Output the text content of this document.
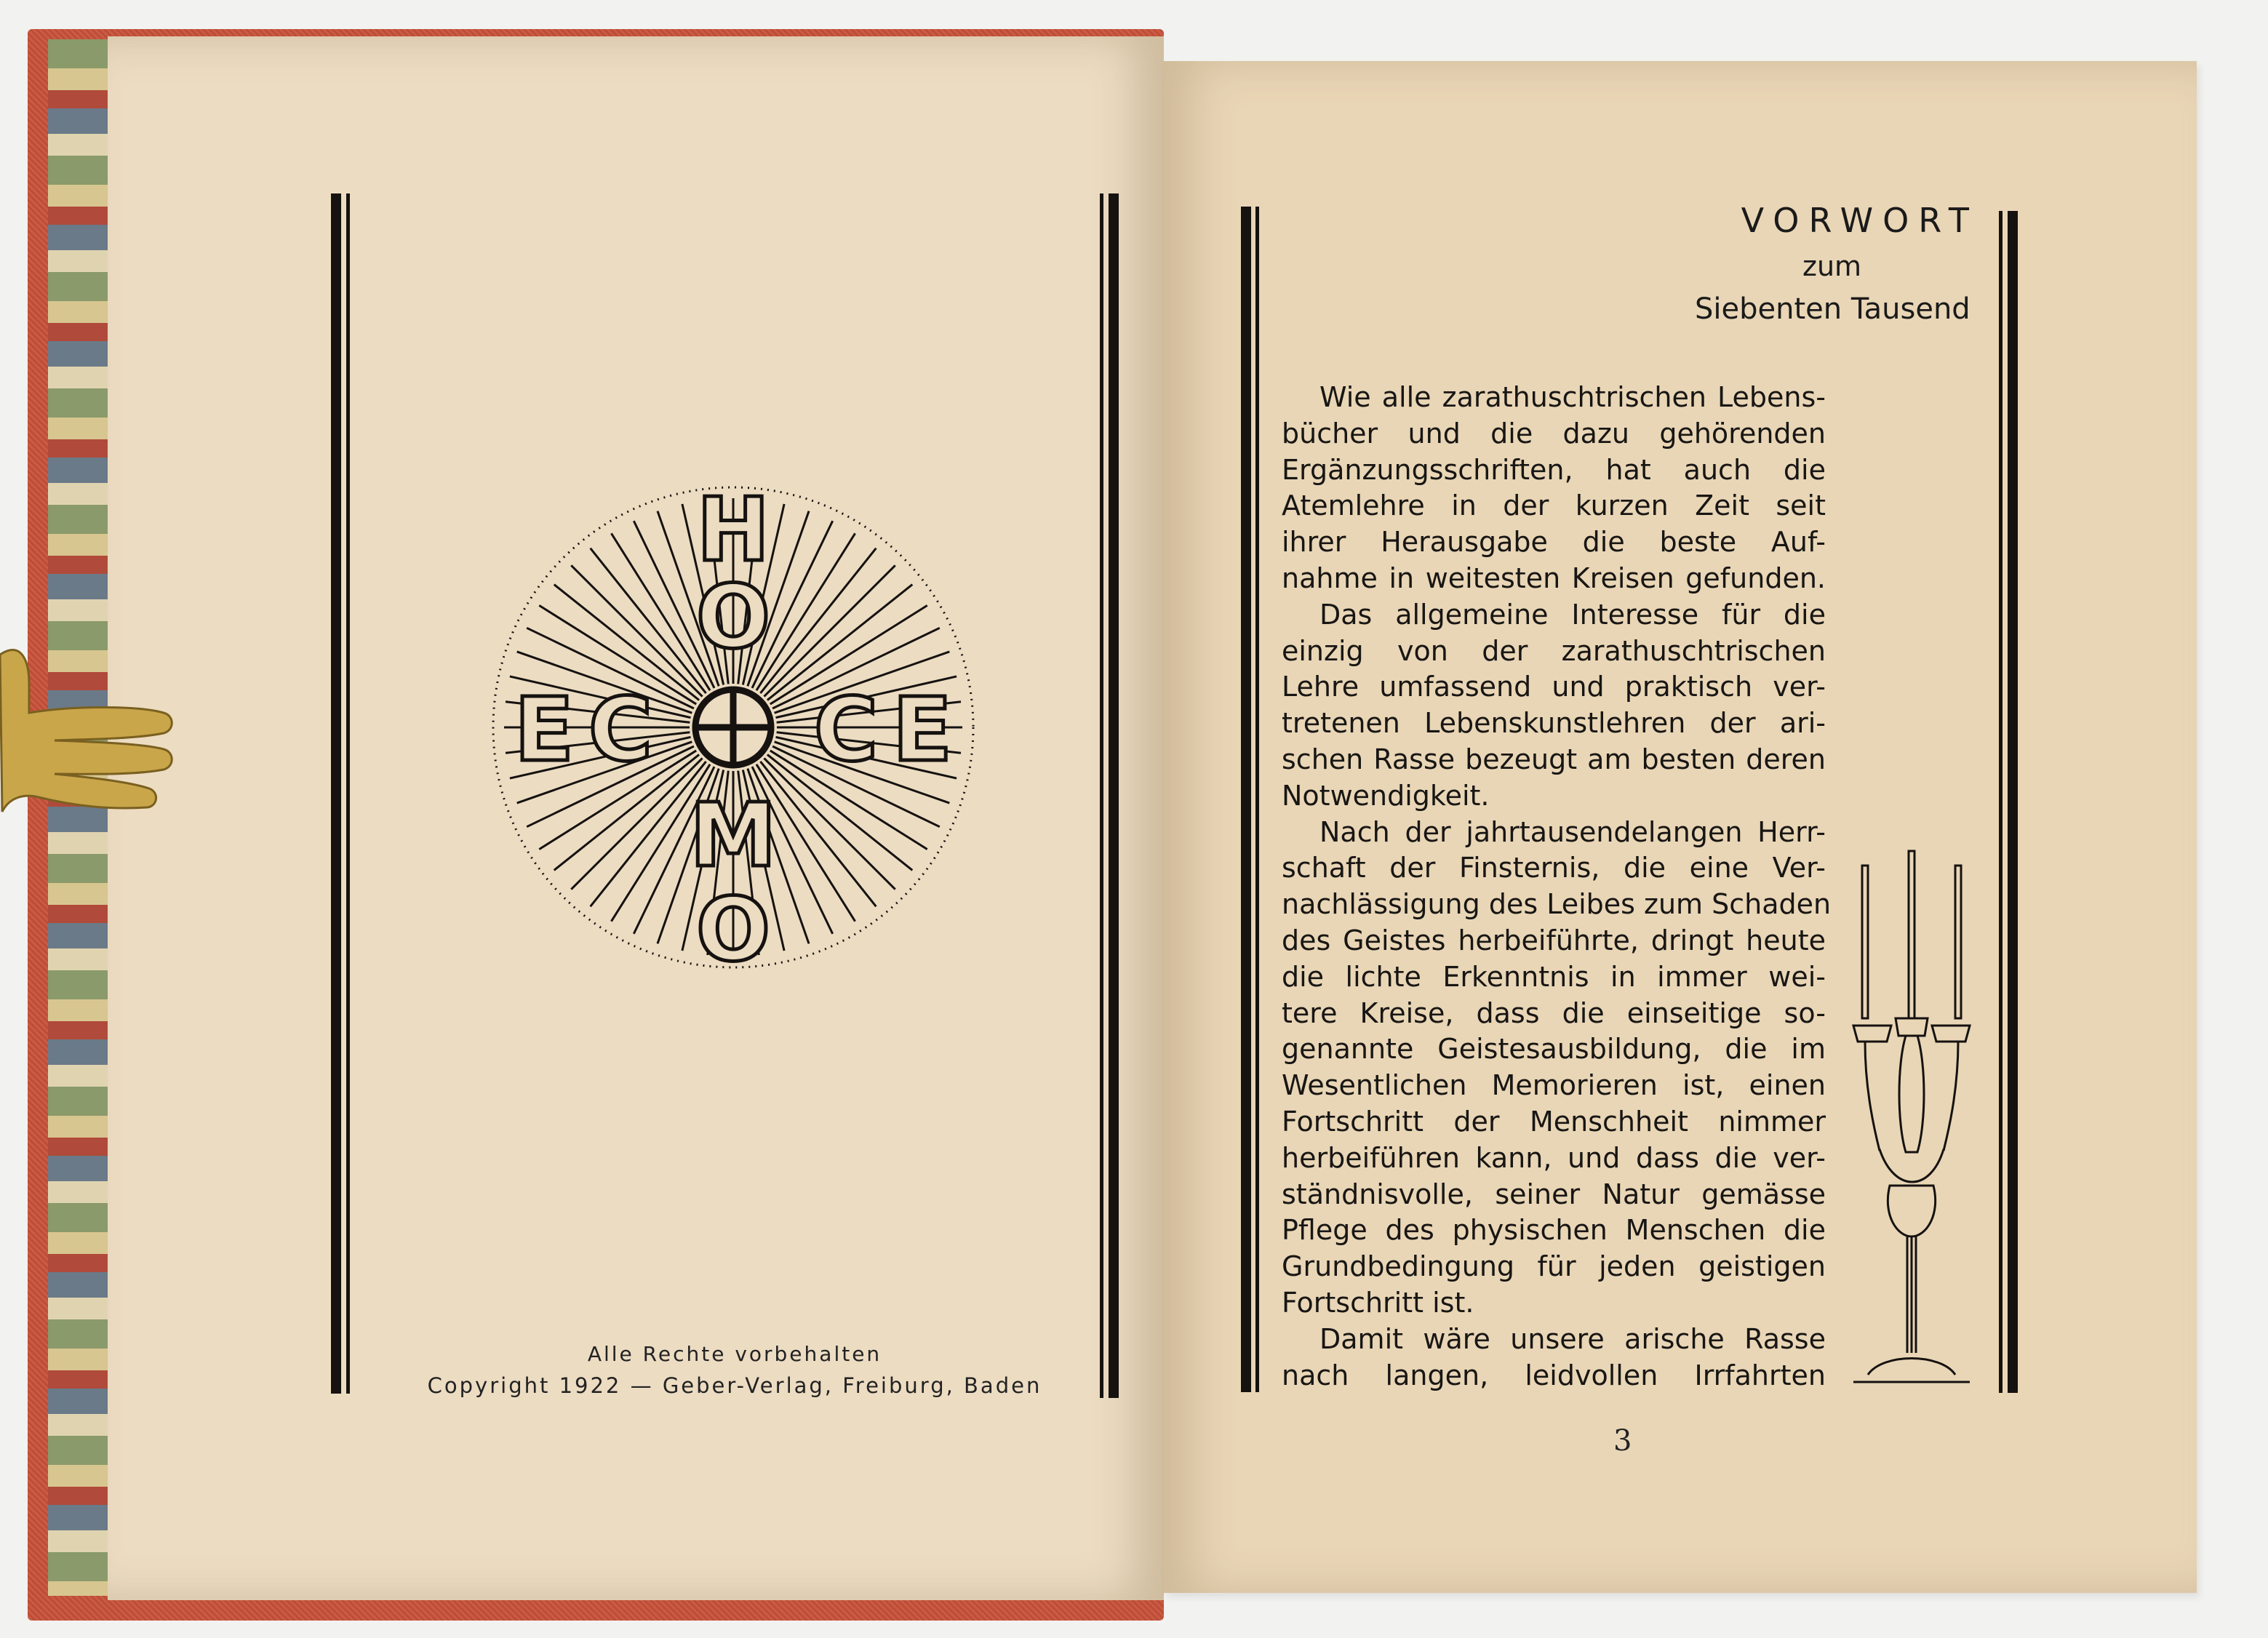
H
O
M
O
E C C E
Alle Rechte vorbehalten
Copyright 1922 — Geber-Verlag, Freiburg, Baden
VORWORT
zum
Siebenten Tausend
Wie alle zarathuschtrischen Lebens-
bücher und die dazu gehörenden
Ergänzungsschriften, hat auch die
Atemlehre in der kurzen Zeit seit
ihrer Herausgabe die beste Auf-
nahme in weitesten Kreisen gefunden.
Das allgemeine Interesse für die
einzig von der zarathuschtrischen
Lehre umfassend und praktisch ver-
tretenen Lebenskunstlehren der ari-
schen Rasse bezeugt am besten deren
Notwendigkeit.
Nach der jahrtausendelangen Herr-
schaft der Finsternis, die eine Ver-
nachlässigung des Leibes zum Schaden
des Geistes herbeiführte, dringt heute
die lichte Erkenntnis in immer wei-
tere Kreise, dass die einseitige so-
genannte Geistesausbildung, die im
Wesentlichen Memorieren ist, einen
Fortschritt der Menschheit nimmer
herbeiführen kann, und dass die ver-
ständnisvolle, seiner Natur gemässe
Pflege des physischen Menschen die
Grundbedingung für jeden geistigen
Fortschritt ist.
Damit wäre unsere arische Rasse
nach langen, leidvollen Irrfahrten
3
